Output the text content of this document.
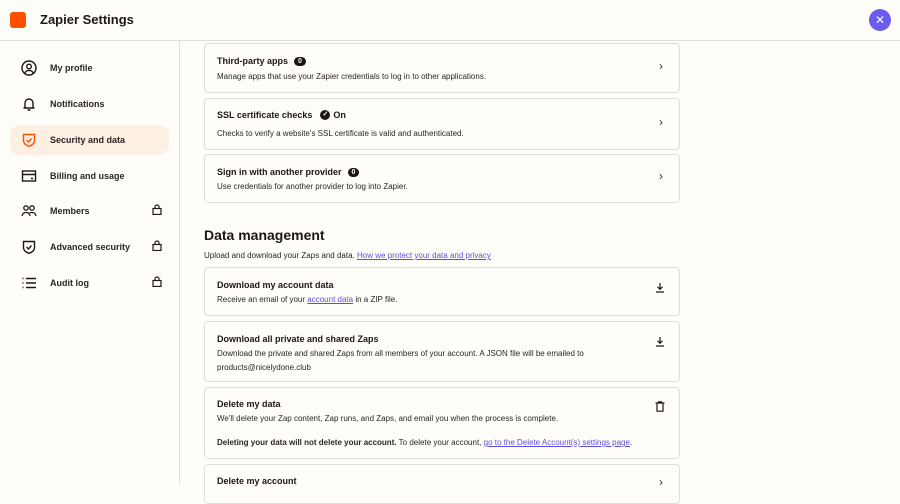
Zapier Settings	✕
My profile
Notifications
Security and data
Billing and usage
Members
Advanced security
Audit log
Third-party apps	0
Manage apps that use your Zapier credentials to log in to other applications.
›
SSL certificate checks ✓ On
Checks to verify a website's SSL certificate is valid and authenticated.
›
Sign in with another provider	0
Use credentials for another provider to log into Zapier.
›
Data management
Upload and download your Zaps and data. How we protect your data and privacy
Download my account data
Receive an email of your account data in a ZIP file.
Download all private and shared Zaps
Download the private and shared Zaps from all members of your account. A JSON file will be emailed to products@nicelydone.club
Delete my data
We'll delete your Zap content, Zap runs, and Zaps, and email you when the process is complete.
Deleting your data will not delete your account. To delete your account, go to the Delete Account(s) settings page.
Delete my account	›
